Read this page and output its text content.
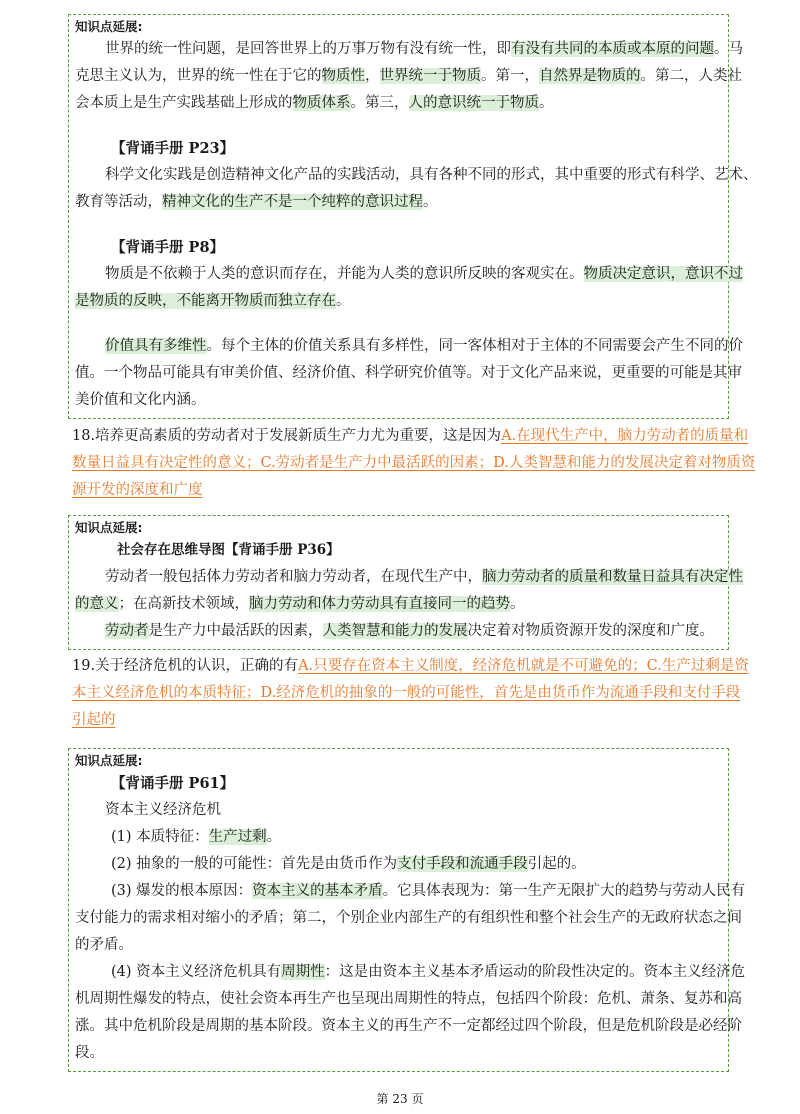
知识点延展:
世界的统一性问题，是回答世界上的万事万物有没有统一性，即有没有共同的本质或本原的问题。马
克思主义认为，世界的统一性在于它的物质性，世界统一于物质。第一，自然界是物质的。第二，人类社
会本质上是生产实践基础上形成的物质体系。第三，人的意识统一于物质。
【背诵手册 P23】
科学文化实践是创造精神文化产品的实践活动，具有各种不同的形式，其中重要的形式有科学、艺术、
教育等活动，精神文化的生产不是一个纯粹的意识过程。
【背诵手册 P8】
物质是不依赖于人类的意识而存在，并能为人类的意识所反映的客观实在。物质决定意识，意识不过
是物质的反映，不能离开物质而独立存在。
价值具有多维性。每个主体的价值关系具有多样性，同一客体相对于主体的不同需要会产生不同的价
值。一个物品可能具有审美价值、经济价值、科学研究价值等。对于文化产品来说，更重要的可能是其审
美价值和文化内涵。
18.培养更高素质的劳动者对于发展新质生产力尤为重要，这是因为A.在现代生产中，脑力劳动者的质量和
数量日益具有决定性的意义；C.劳动者是生产力中最活跃的因素；D.人类智慧和能力的发展决定着对物质资
源开发的深度和广度
知识点延展:
社会存在思维导图【背诵手册 P36】
劳动者一般包括体力劳动者和脑力劳动者，在现代生产中，脑力劳动者的质量和数量日益具有决定性
的意义；在高新技术领域，脑力劳动和体力劳动具有直接同一的趋势。
劳动者是生产力中最活跃的因素，人类智慧和能力的发展决定着对物质资源开发的深度和广度。
19.关于经济危机的认识，正确的有A.只要存在资本主义制度，经济危机就是不可避免的；C.生产过剩是资
本主义经济危机的本质特征；D.经济危机的抽象的一般的可能性，首先是由货币作为流通手段和支付手段
引起的
知识点延展:
【背诵手册 P61】
资本主义经济危机
(1) 本质特征：生产过剩。
(2) 抽象的一般的可能性：首先是由货币作为支付手段和流通手段引起的。
(3) 爆发的根本原因：资本主义的基本矛盾。它具体表现为：第一生产无限扩大的趋势与劳动人民有
支付能力的需求相对缩小的矛盾；第二，个别企业内部生产的有组织性和整个社会生产的无政府状态之间
的矛盾。
(4) 资本主义经济危机具有周期性：这是由资本主义基本矛盾运动的阶段性决定的。资本主义经济危
机周期性爆发的特点，使社会资本再生产也呈现出周期性的特点，包括四个阶段：危机、萧条、复苏和高
涨。其中危机阶段是周期的基本阶段。资本主义的再生产不一定都经过四个阶段，但是危机阶段是必经阶
段。
第 23 页
